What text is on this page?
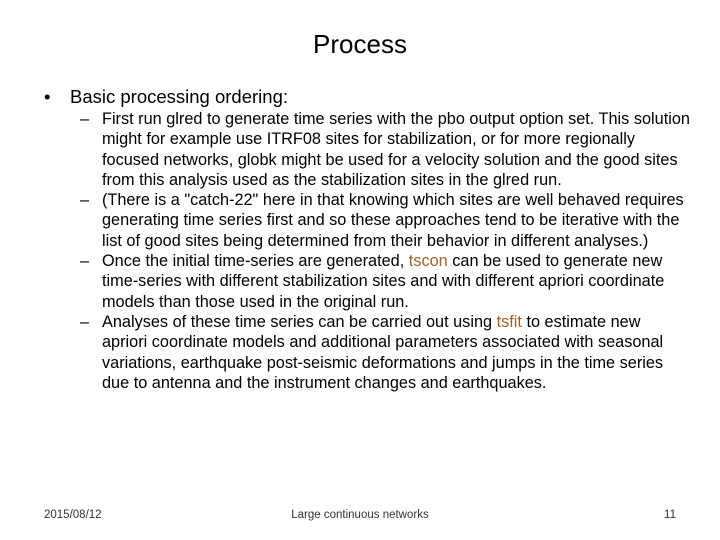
Process
• Basic processing ordering:
– First run glred to generate time series with the pbo output option set. This solution might for example use ITRF08 sites for stabilization, or for more regionally focused networks, globk might be used for a velocity solution and the good sites from this analysis used as the stabilization sites in the glred run.
– (There is a "catch-22" here in that knowing which sites are well behaved requires generating time series first and so these approaches tend to be iterative with the list of good sites being determined from their behavior in different analyses.)
– Once the initial time-series are generated, tscon can be used to generate new time-series with different stabilization sites and with different apriori coordinate models than those used in the original run.
– Analyses of these time series can be carried out using tsfit to estimate new apriori coordinate models and additional parameters associated with seasonal variations, earthquake post-seismic deformations and jumps in the time series due to antenna and the instrument changes and earthquakes.
2015/08/12	Large continuous networks	11
